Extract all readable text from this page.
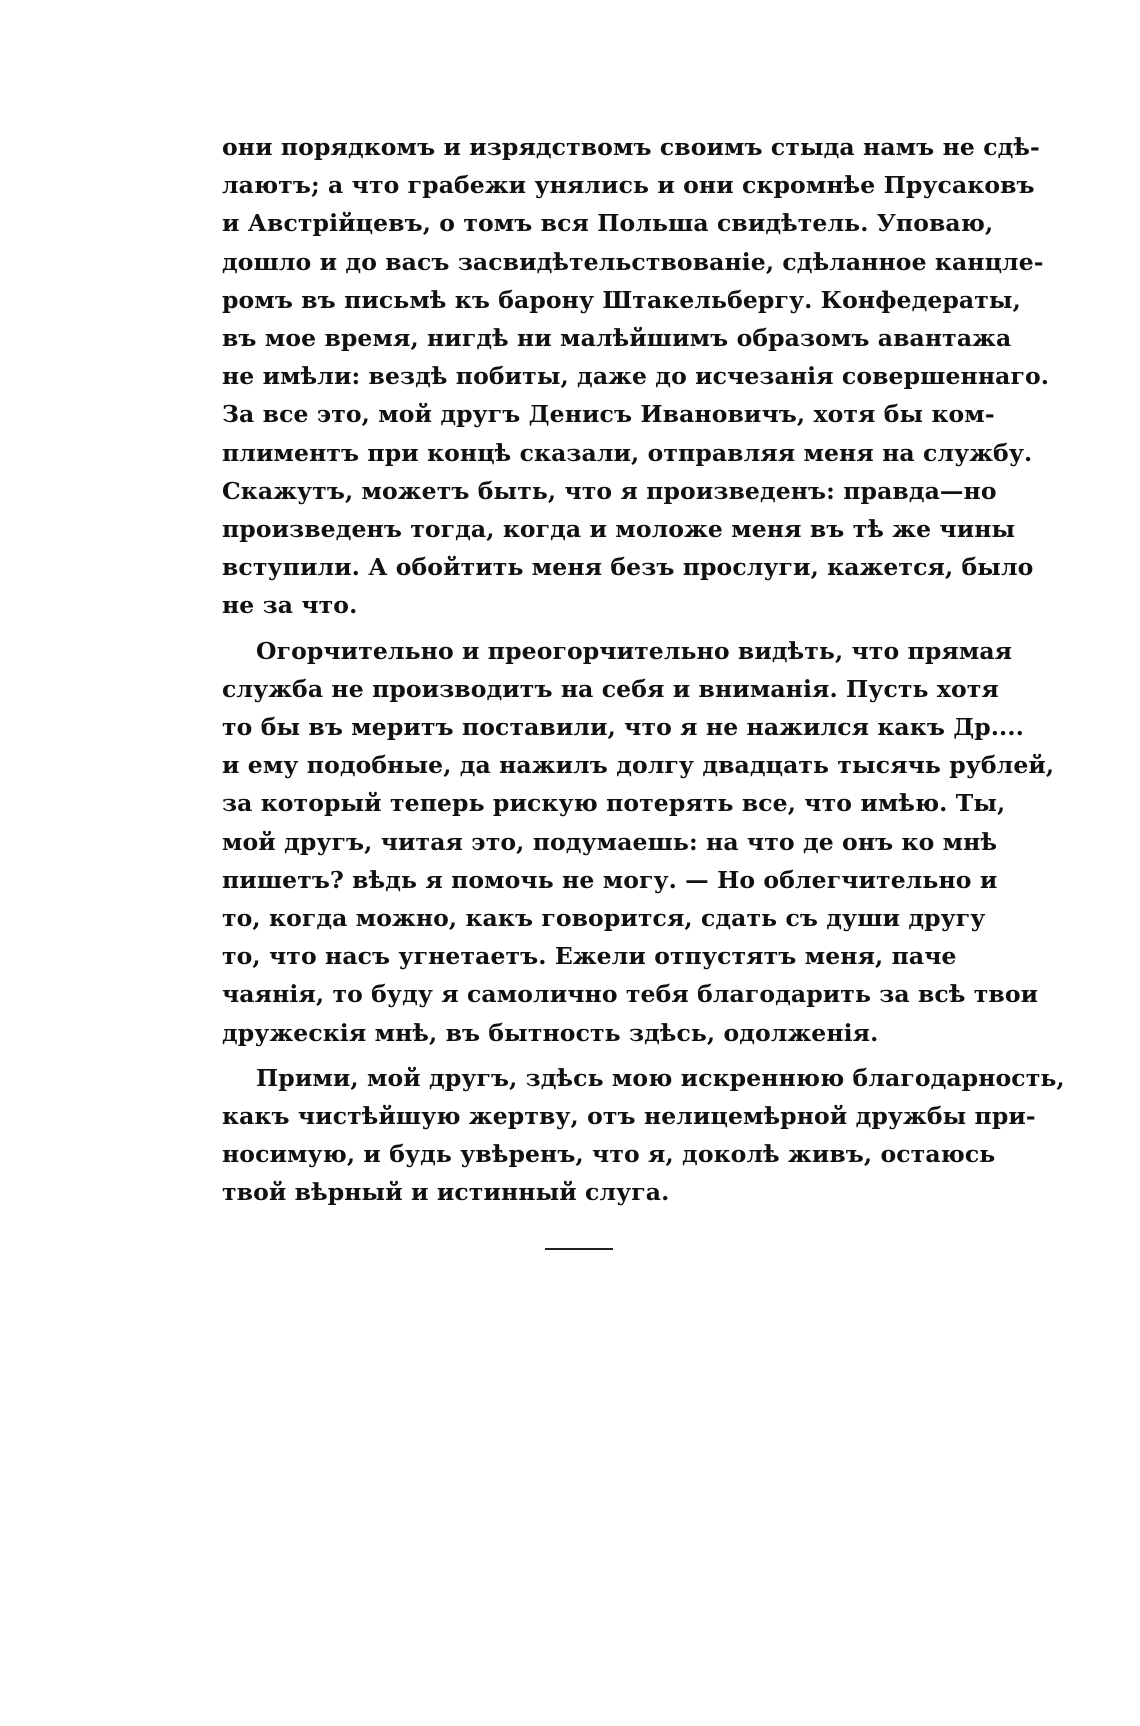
они порядкомъ и изрядствомъ своимъ стыда намъ не сдѣ-
лаютъ; а что грабежи унялись и они скромнѣе Прусаковъ
и Австрійцевъ, о томъ вся Польша свидѣтель. Уповаю,
дошло и до васъ засвидѣтельствованіе, сдѣланное канцле-
ромъ въ письмѣ къ барону Штакельбергу. Конфедераты,
въ мое время, нигдѣ ни малѣйшимъ образомъ авантажа
не имѣли: вездѣ побиты, даже до исчезанія совершеннаго.
За все это, мой другъ Денисъ Ивановичъ, хотя бы ком-
плиментъ при концѣ сказали, отправляя меня на службу.
Скажутъ, можетъ быть, что я произведенъ: правда—но
произведенъ тогда, когда и моложе меня въ тѣ же чины
вступили. А обойтить меня безъ прослуги, кажется, было
не за что.
Огорчительно и преогорчительно видѣть, что прямая
служба не производитъ на себя и вниманія. Пусть хотя
то бы въ меритъ поставили, что я не нажился какъ Др....
и ему подобные, да нажилъ долгу двадцать тысячь рублей,
за который теперь рискую потерять все, что имѣю. Ты,
мой другъ, читая это, подумаешь: на что де онъ ко мнѣ
пишетъ? вѣдь я помочь не могу. — Но облегчительно и
то, когда можно, какъ говорится, сдать съ души другу
то, что насъ угнетаетъ. Ежели отпустятъ меня, паче
чаянія, то буду я самолично тебя благодарить за всѣ твои
дружескія мнѣ, въ бытность здѣсь, одолженія.
Прими, мой другъ, здѣсь мою искреннюю благодарность,
какъ чистѣйшую жертву, отъ нелицемѣрной дружбы при-
носимую, и будь увѣренъ, что я, доколѣ живъ, остаюсь
твой вѣрный и истинный слуга.
